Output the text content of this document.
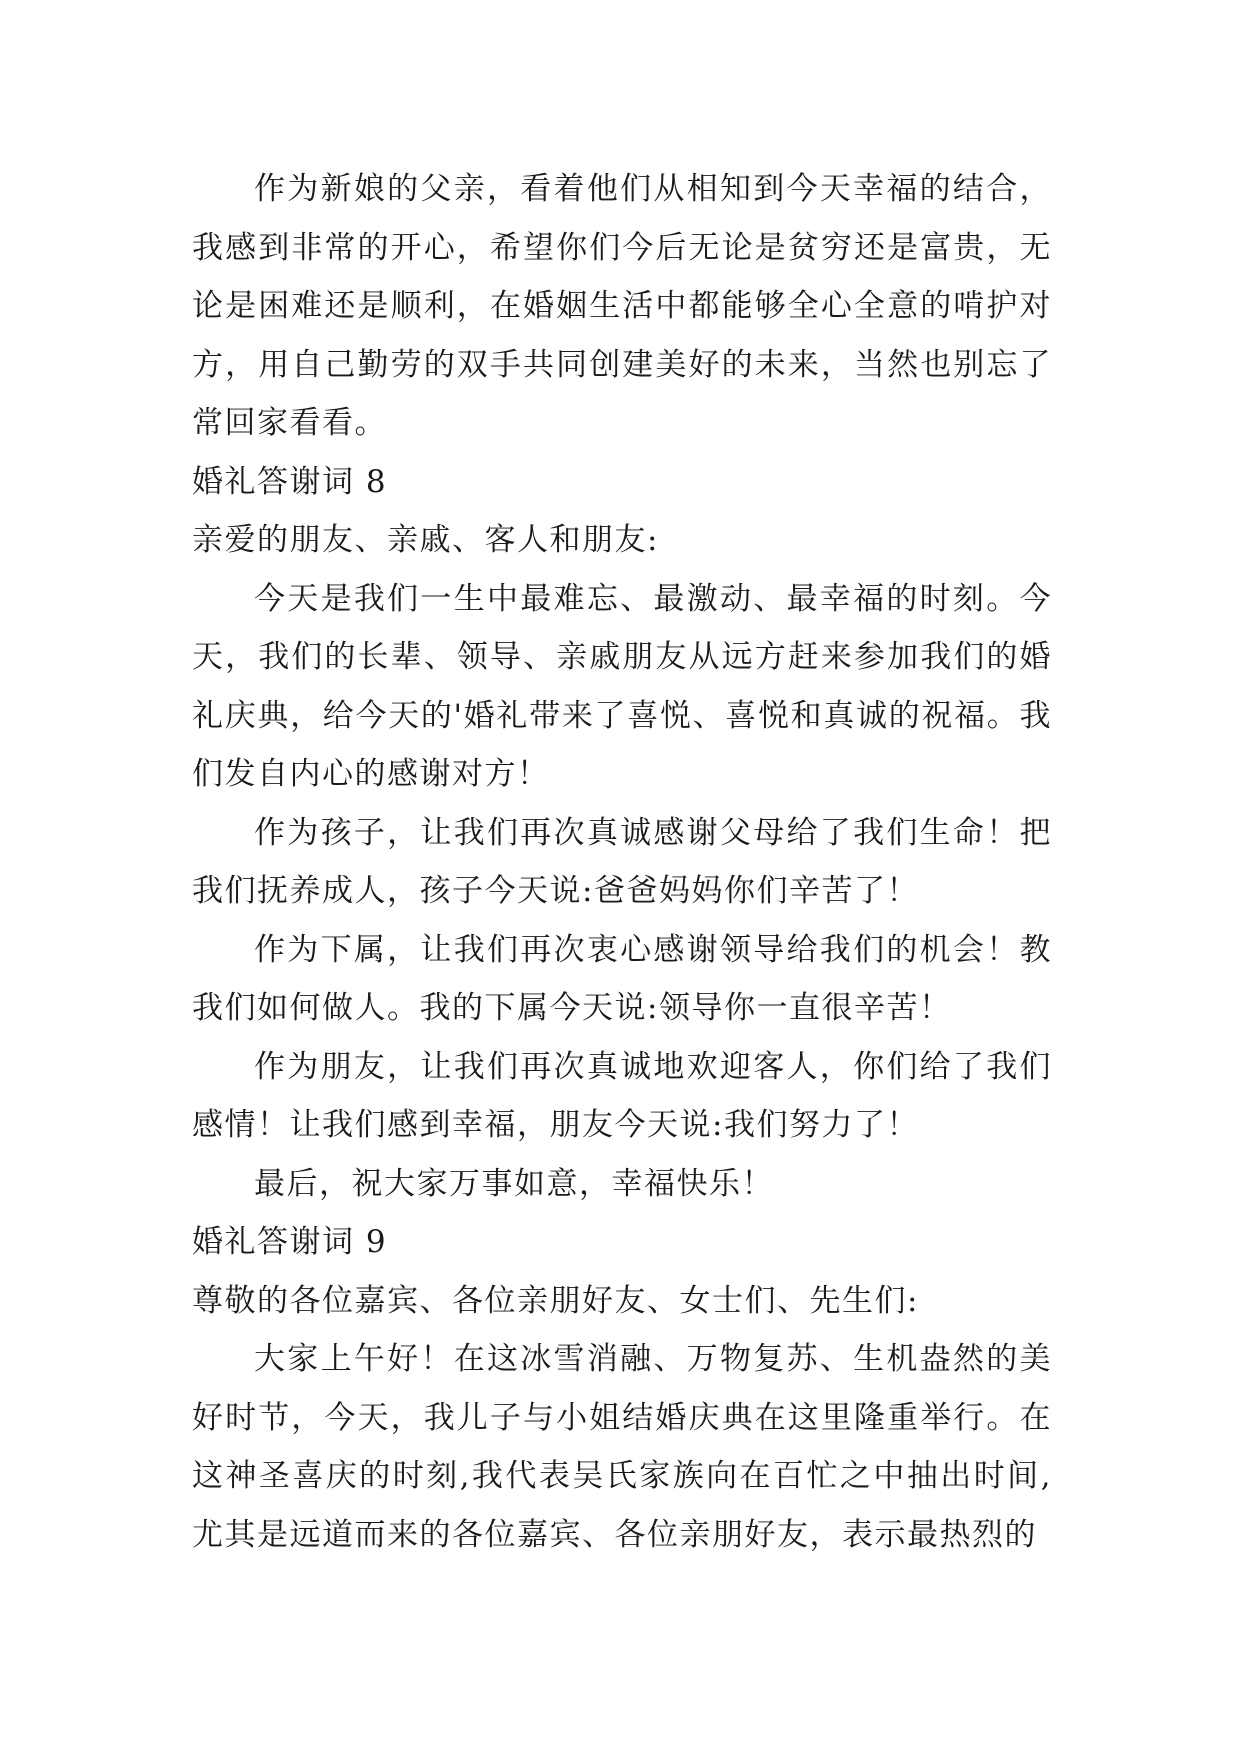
作为新娘的父亲，看着他们从相知到今天幸福的结合，我感到非常的开心，希望你们今后无论是贫穷还是富贵，无论是困难还是顺利，在婚姻生活中都能够全心全意的啃护对方，用自己勤劳的双手共同创建美好的未来，当然也别忘了常回家看看。

婚礼答谢词 8

亲爱的朋友、亲戚、客人和朋友:

今天是我们一生中最难忘、最激动、最幸福的时刻。今天，我们的长辈、领导、亲戚朋友从远方赶来参加我们的婚礼庆典，给今天的'婚礼带来了喜悦、喜悦和真诚的祝福。我们发自内心的感谢对方！

作为孩子，让我们再次真诚感谢父母给了我们生命！把我们抚养成人，孩子今天说:爸爸妈妈你们辛苦了！

作为下属，让我们再次衷心感谢领导给我们的机会！教我们如何做人。我的下属今天说:领导你一直很辛苦！

作为朋友，让我们再次真诚地欢迎客人，你们给了我们感情！让我们感到幸福，朋友今天说:我们努力了！

最后，祝大家万事如意，幸福快乐！

婚礼答谢词 9

尊敬的各位嘉宾、各位亲朋好友、女士们、先生们:

大家上午好！在这冰雪消融、万物复苏、生机盎然的美好时节，今天，我儿子与小姐结婚庆典在这里隆重举行。在这神圣喜庆的时刻,我代表吴氏家族向在百忙之中抽出时间,尤其是远道而来的各位嘉宾、各位亲朋好友，表示最热烈的
